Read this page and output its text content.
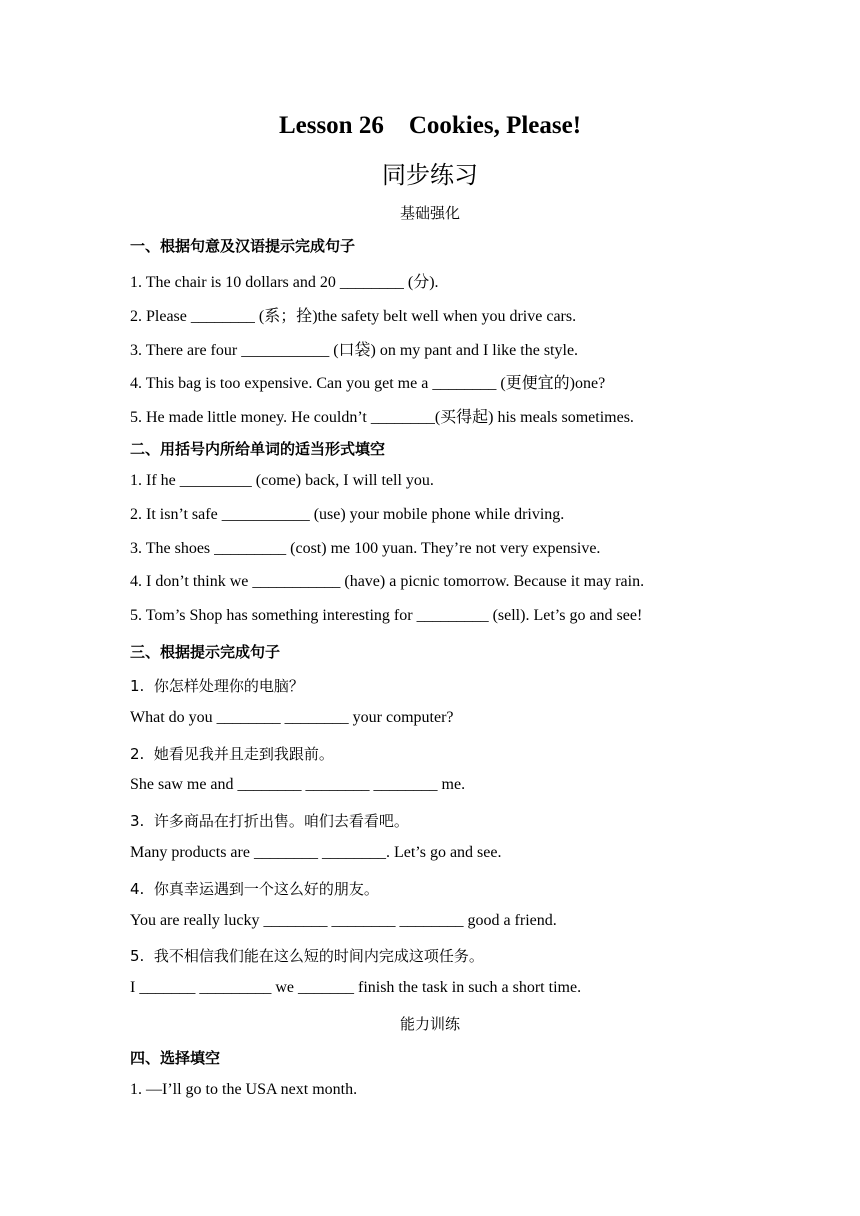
Lesson 26    Cookies, Please!
同步练习
基础强化
一、根据句意及汉语提示完成句子
1. The chair is 10 dollars and 20 ________ (分).
2. Please ________ (系；拴)the safety belt well when you drive cars.
3. There are four ___________ (口袋) on my pant and I like the style.
4. This bag is too expensive. Can you get me a ________ (更便宜的)one?
5. He made little money. He couldn’t ________(买得起) his meals sometimes.
二、用括号内所给单词的适当形式填空
1. If he _________ (come) back, I will tell you.
2. It isn’t safe ___________ (use) your mobile phone while driving.
3. The shoes _________ (cost) me 100 yuan. They’re not very expensive.
4. I don’t think we ___________ (have) a picnic tomorrow. Because it may rain.
5. Tom’s Shop has something interesting for _________ (sell). Let’s go and see!
三、根据提示完成句子
1.  你怎样处理你的电脑？
What do you ________ ________ your computer?
2.  她看见我并且走到我跟前。
She saw me and ________ ________ ________ me.
3.  许多商品在打折出售。咱们去看看吧。
Many products are ________ ________. Let’s go and see.
4.  你真幸运遇到一个这么好的朋友。
You are really lucky ________ ________ ________ good a friend.
5.  我不相信我们能在这么短的时间内完成这项任务。
I _______ _________ we _______ finish the task in such a short time.
能力训练
四、选择填空
1. —I’ll go to the USA next month.
